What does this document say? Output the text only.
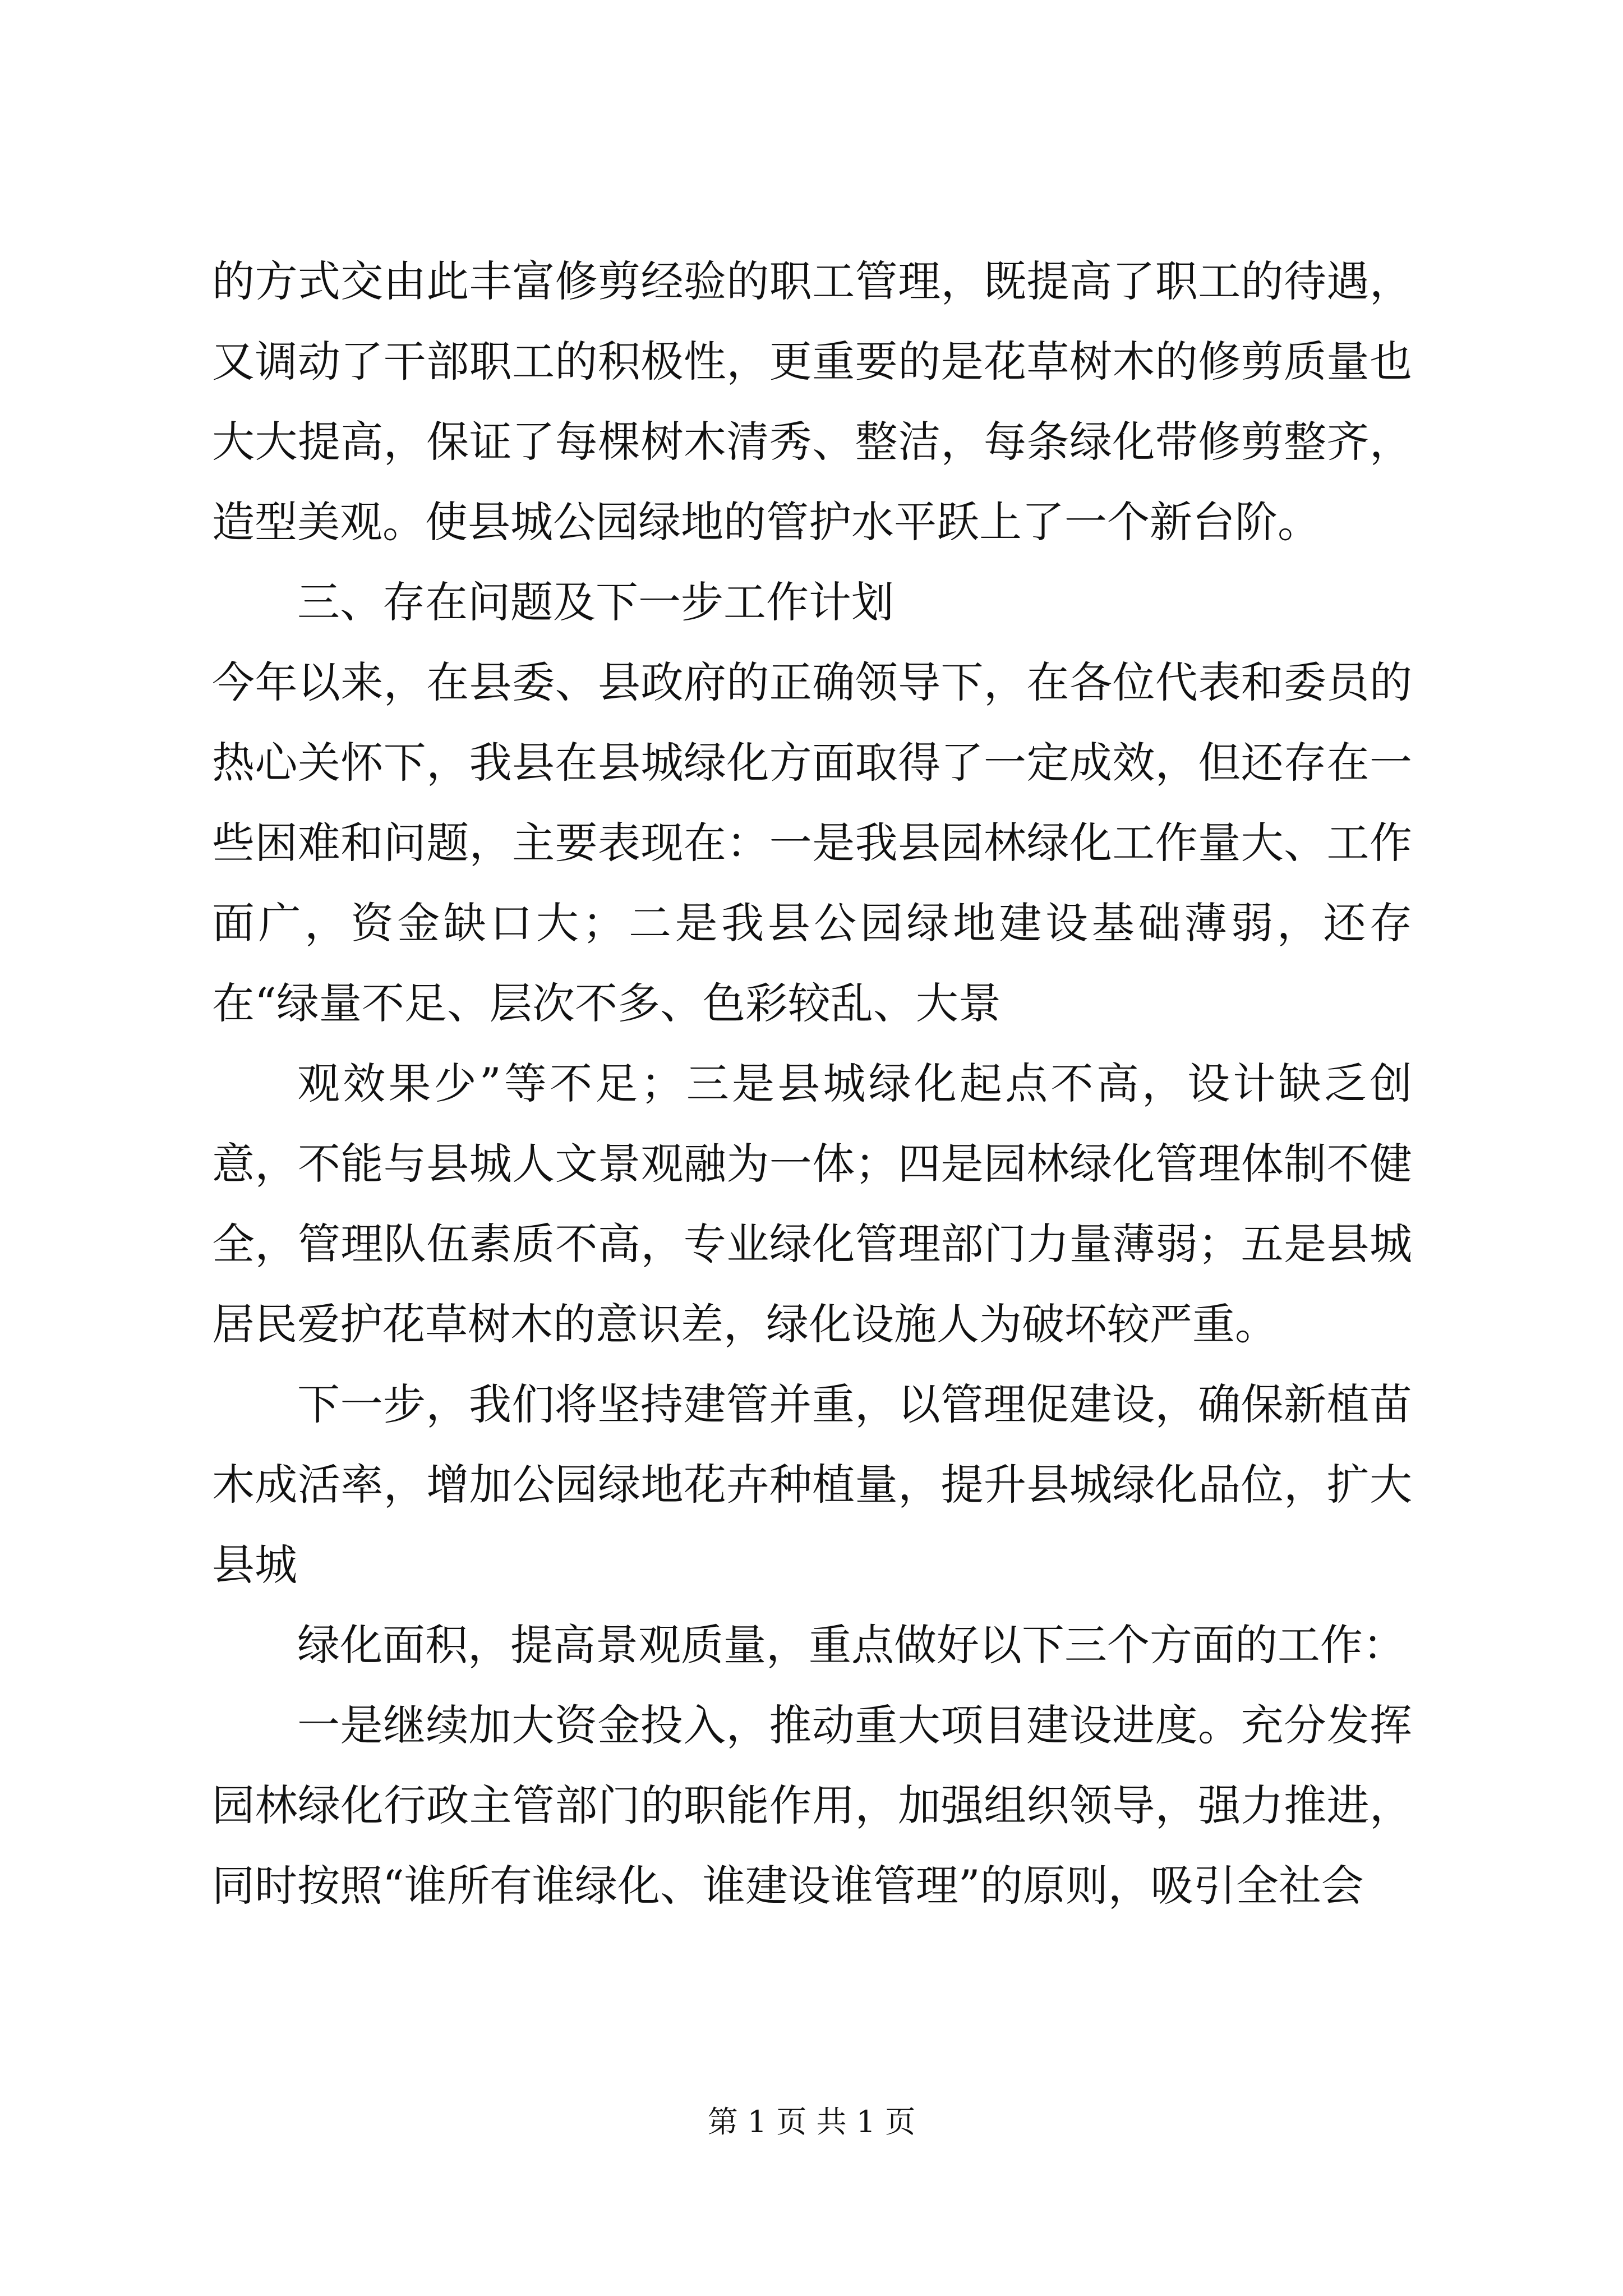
的方式交由此丰富修剪经验的职工管理，既提高了职工的待遇，又调动了干部职工的积极性，更重要的是花草树木的修剪质量也大大提高，保证了每棵树木清秀、整洁，每条绿化带修剪整齐，造型美观。使县城公园绿地的管护水平跃上了一个新台阶。

三、存在问题及下一步工作计划

今年以来，在县委、县政府的正确领导下，在各位代表和委员的热心关怀下，我县在县城绿化方面取得了一定成效，但还存在一些困难和问题，主要表现在：一是我县园林绿化工作量大、工作面广，资金缺口大；二是我县公园绿地建设基础薄弱，还存在“绿量不足、层次不多、色彩较乱、大景

观效果少”等不足；三是县城绿化起点不高，设计缺乏创意，不能与县城人文景观融为一体；四是园林绿化管理体制不健全，管理队伍素质不高，专业绿化管理部门力量薄弱；五是县城居民爱护花草树木的意识差，绿化设施人为破坏较严重。

下一步，我们将坚持建管并重，以管理促建设，确保新植苗木成活率，增加公园绿地花卉种植量，提升县城绿化品位，扩大县城

绿化面积，提高景观质量，重点做好以下三个方面的工作：

一是继续加大资金投入，推动重大项目建设进度。充分发挥园林绿化行政主管部门的职能作用，加强组织领导，强力推进，同时按照“谁所有谁绿化、谁建设谁管理”的原则，吸引全社会

第 1 页 共 1 页
